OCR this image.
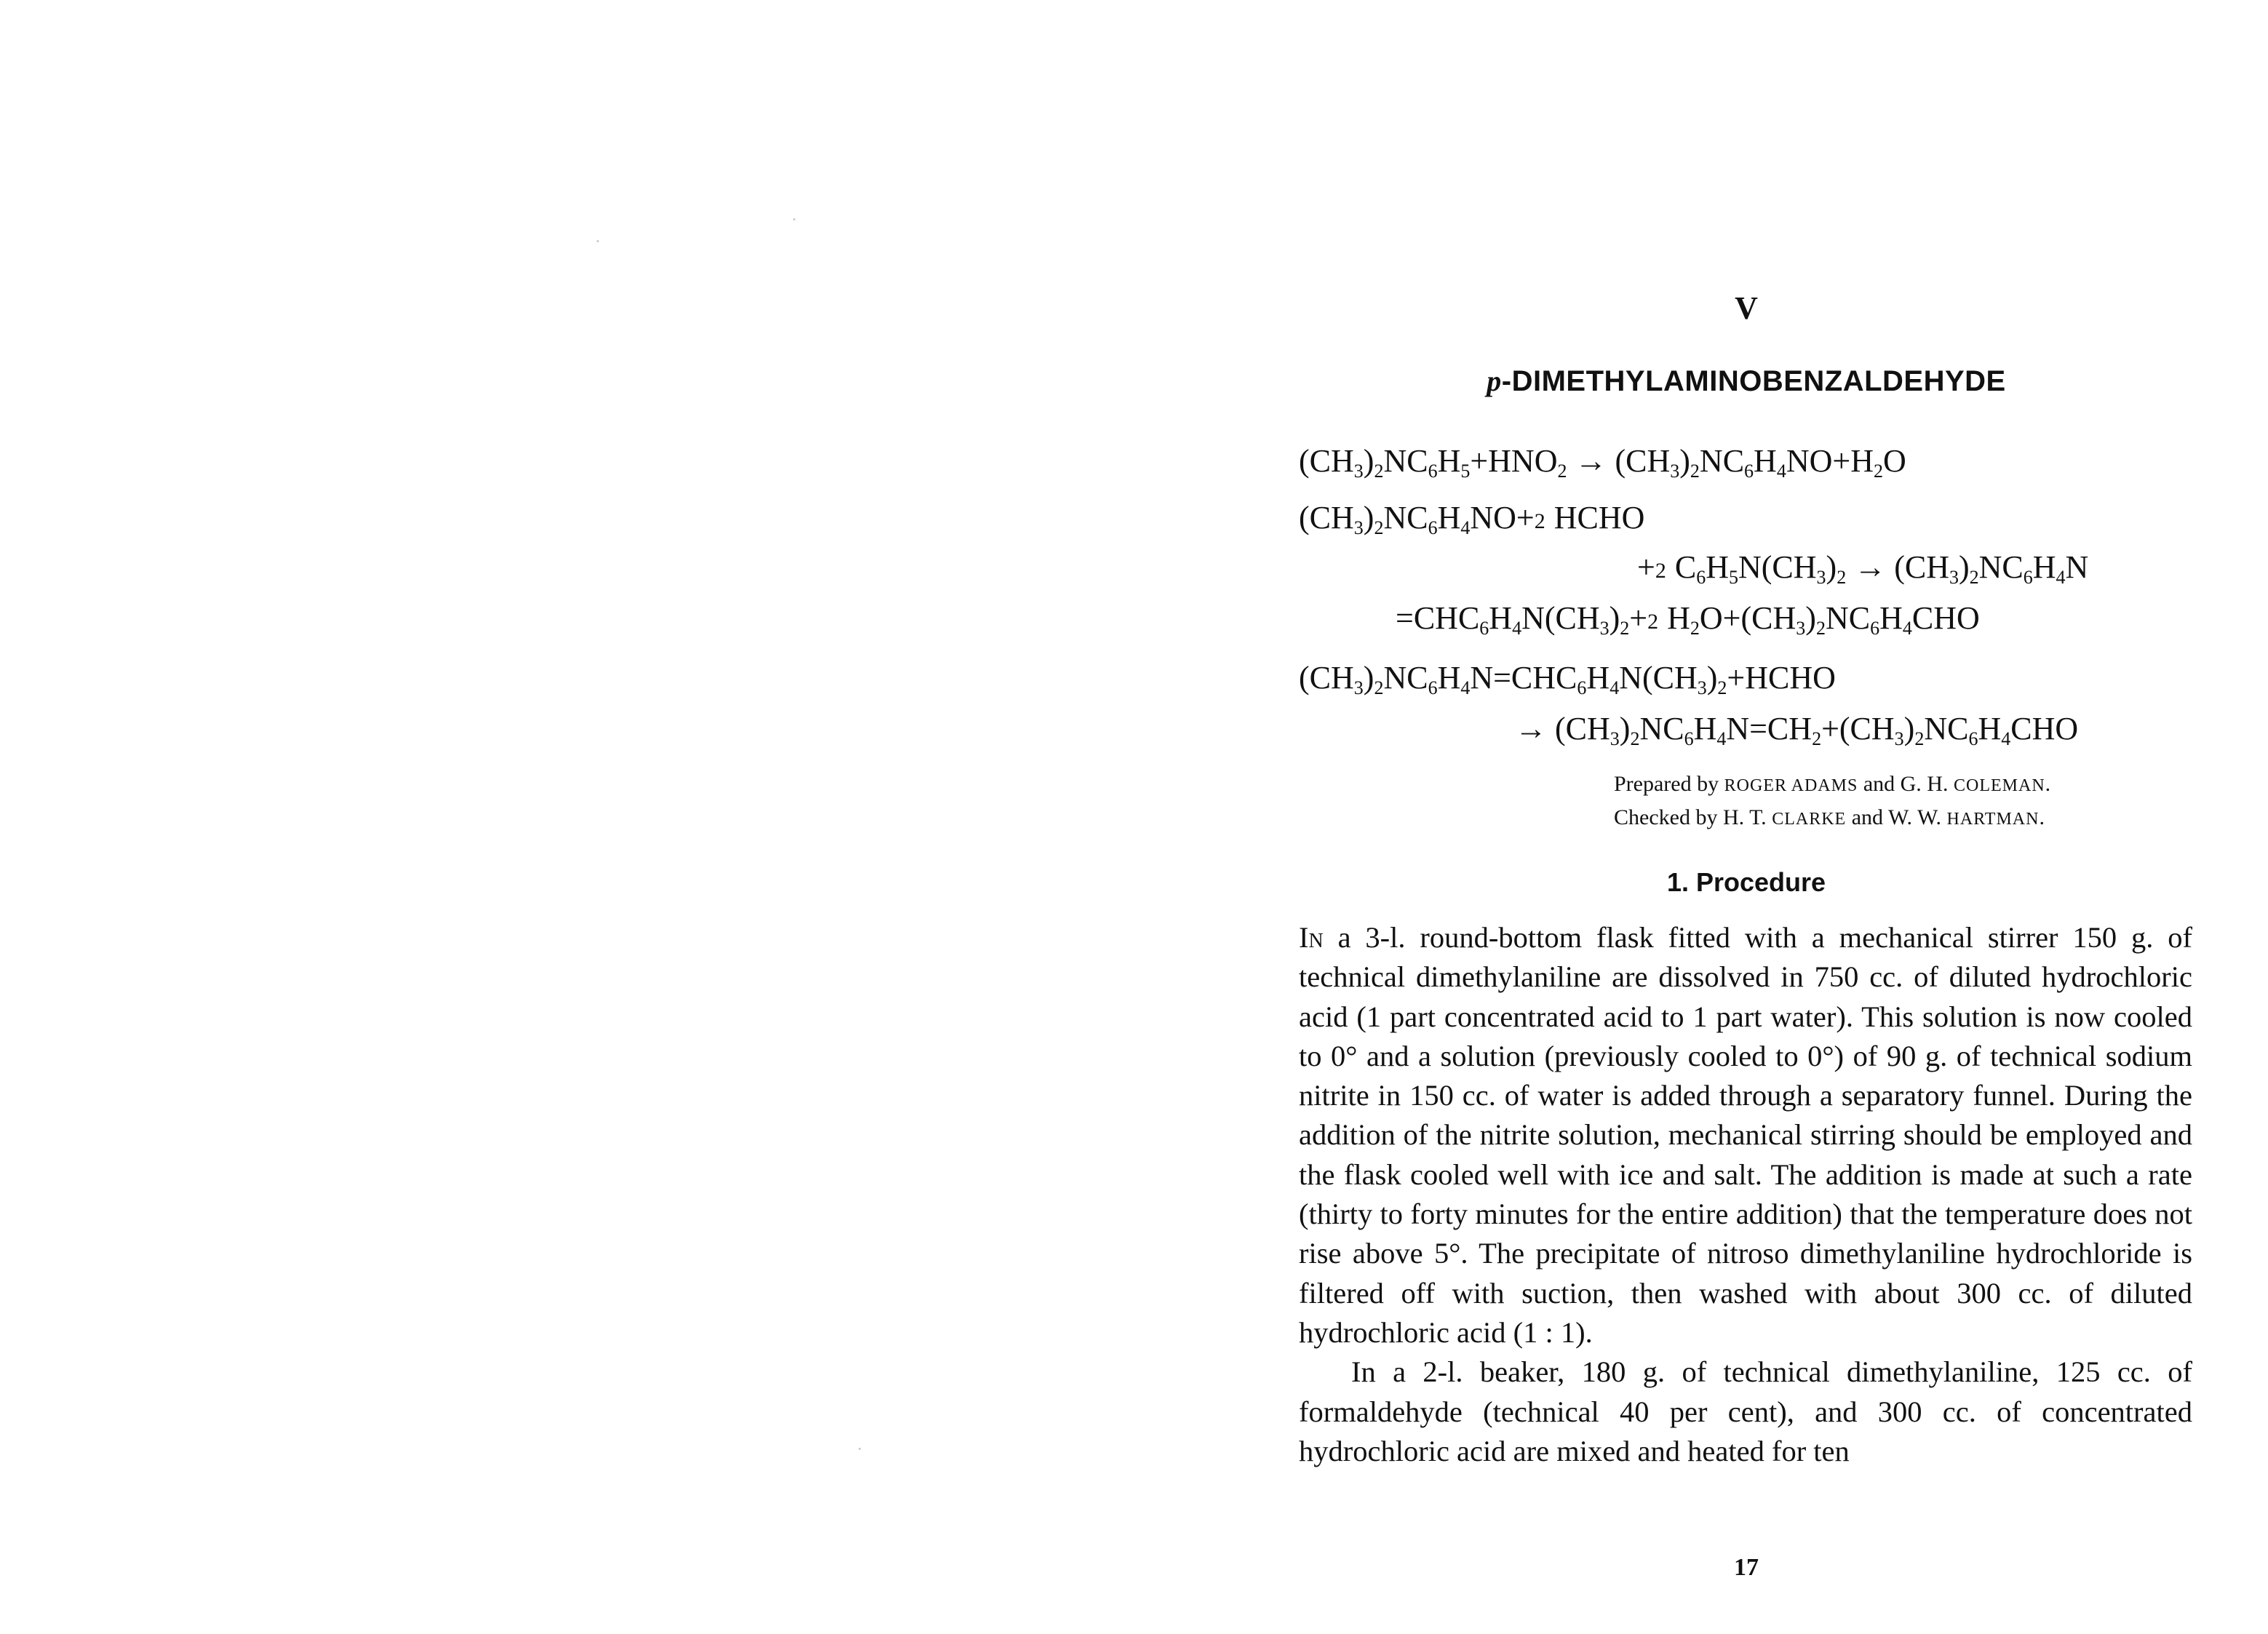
V
p-DIMETHYLAMINOBENZALDEHYDE
$(CH_3)_2NC_6H_5+HNO_2 \to (CH_3)_2NC_6H_4NO+H_2O$
$(CH_3)_2NC_6H_4NO+2$ HCHO
+2 $C_6H_5N(CH_3)_2 \to (CH_3)_2NC_6H_4N$
$=CHC_6H_4N(CH_3)_2+2$ $H_2O+(CH_3)_2NC_6H_4CHO$
$(CH_3)_2NC_6H_4N=CHC_6H_4N(CH_3)_2+HCHO$
→ $(CH_3)_2NC_6H_4N=CH_2+(CH_3)_2NC_6H_4CHO$
Prepared by ROGER ADAMS and G. H. COLEMAN.
Checked by H. T. CLARKE and W. W. HARTMAN.
1. Procedure

In a 3-l. round-bottom flask fitted with a mechanical stirrer 150 g. of technical dimethylaniline are dissolved in 750 cc. of diluted hydrochloric acid (1 part concentrated acid to 1 part water). This solution is now cooled to 0° and a solution (previously cooled to 0°) of 90 g. of technical sodium nitrite in 150 cc. of water is added through a separatory funnel. During the addition of the nitrite solution, mechanical stirring should be employed and the flask cooled well with ice and salt. The addition is made at such a rate (thirty to forty minutes for the entire addition) that the temperature does not rise above 5°. The precipitate of nitroso dimethylaniline hydrochloride is filtered off with suction, then washed with about 300 cc. of diluted hydrochloric acid (1 : 1).

In a 2-l. beaker, 180 g. of technical dimethylaniline, 125 cc. of formaldehyde (technical 40 per cent), and 300 cc. of concentrated hydrochloric acid are mixed and heated for ten

17
